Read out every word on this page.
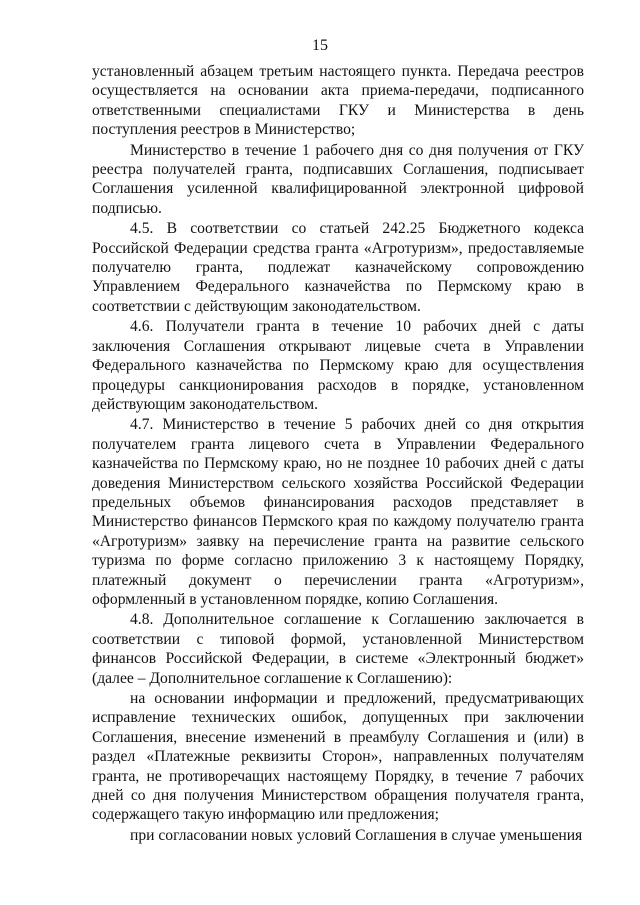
15

установленный абзацем третьим настоящего пункта. Передача реестров осуществляется на основании акта приема-передачи, подписанного ответственными специалистами ГКУ и Министерства в день поступления реестров в Министерство;

Министерство в течение 1 рабочего дня со дня получения от ГКУ реестра получателей гранта, подписавших Соглашения, подписывает Соглашения усиленной квалифицированной электронной цифровой подписью.

4.5. В соответствии со статьей 242.25 Бюджетного кодекса Российской Федерации средства гранта «Агротуризм», предоставляемые получателю гранта, подлежат казначейскому сопровождению Управлением Федерального казначейства по Пермскому краю в соответствии с действующим законодательством.

4.6. Получатели гранта в течение 10 рабочих дней с даты заключения Соглашения открывают лицевые счета в Управлении Федерального казначейства по Пермскому краю для осуществления процедуры санкционирования расходов в порядке, установленном действующим законодательством.

4.7. Министерство в течение 5 рабочих дней со дня открытия получателем гранта лицевого счета в Управлении Федерального казначейства по Пермскому краю, но не позднее 10 рабочих дней с даты доведения Министерством сельского хозяйства Российской Федерации предельных объемов финансирования расходов представляет в Министерство финансов Пермского края по каждому получателю гранта «Агротуризм» заявку на перечисление гранта на развитие сельского туризма по форме согласно приложению 3 к настоящему Порядку, платежный документ о перечислении гранта «Агротуризм», оформленный в установленном порядке, копию Соглашения.

4.8. Дополнительное соглашение к Соглашению заключается в соответствии с типовой формой, установленной Министерством финансов Российской Федерации, в системе «Электронный бюджет» (далее – Дополнительное соглашение к Соглашению):

на основании информации и предложений, предусматривающих исправление технических ошибок, допущенных при заключении Соглашения, внесение изменений в преамбулу Соглашения и (или) в раздел «Платежные реквизиты Сторон», направленных получателям гранта, не противоречащих настоящему Порядку, в течение 7 рабочих дней со дня получения Министерством обращения получателя гранта, содержащего такую информацию или предложения;

при согласовании новых условий Соглашения в случае уменьшения
